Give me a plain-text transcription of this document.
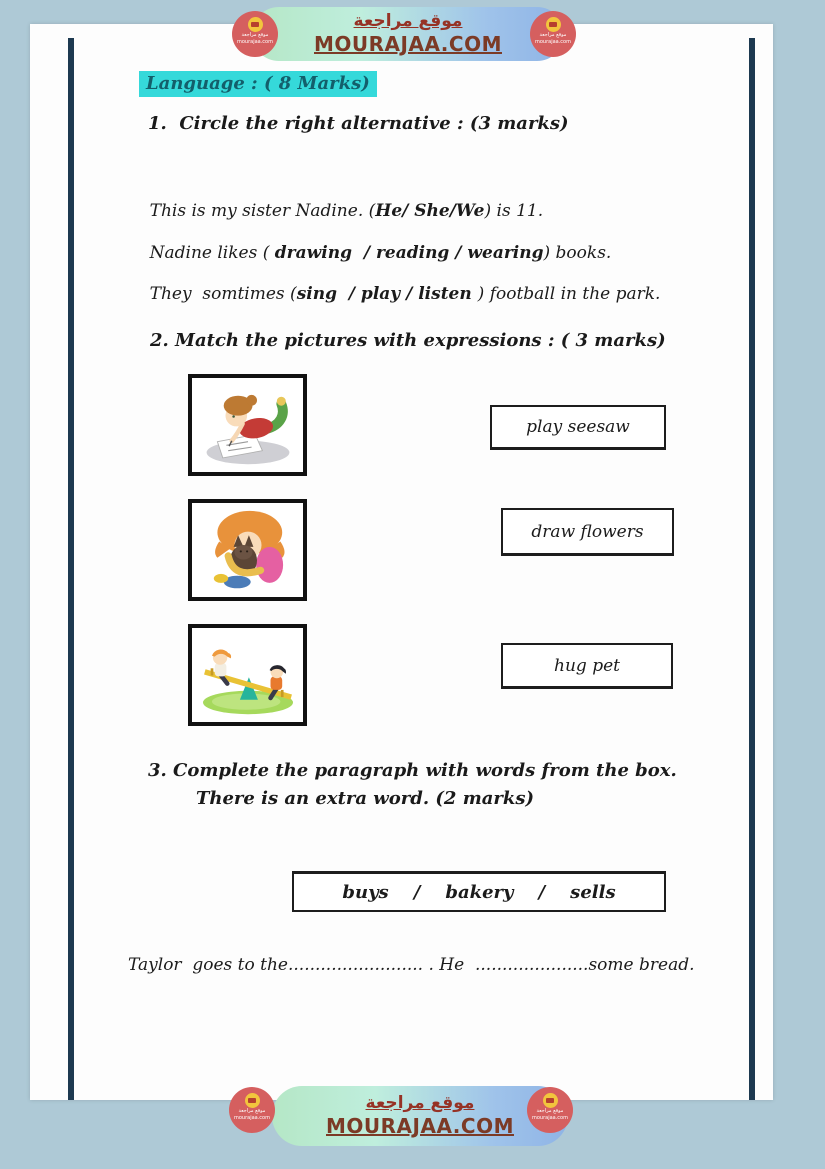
موقع مراجعة
MOURAJAA.COM
موقع مراجعة
mourajaa.com
موقع مراجعة
mourajaa.com
Language : ( 8 Marks)
1.  Circle the right alternative : (3 marks)

This is my sister Nadine. (He/ She/We) is 11.

Nadine likes ( drawing  / reading / wearing) books.

They  somtimes (sing  / play / listen ) football in the park.

2. Match the pictures with expressions : ( 3 marks)
play seesaw
draw flowers
hug pet
3. Complete the paragraph with words from the box.
There is an extra word. (2 marks)
buys    /    bakery    /    sells
Taylor  goes to the......................... . He  .....................some bread.
موقع مراجعة
MOURAJAA.COM
موقع مراجعة
mourajaa.com
موقع مراجعة
mourajaa.com
